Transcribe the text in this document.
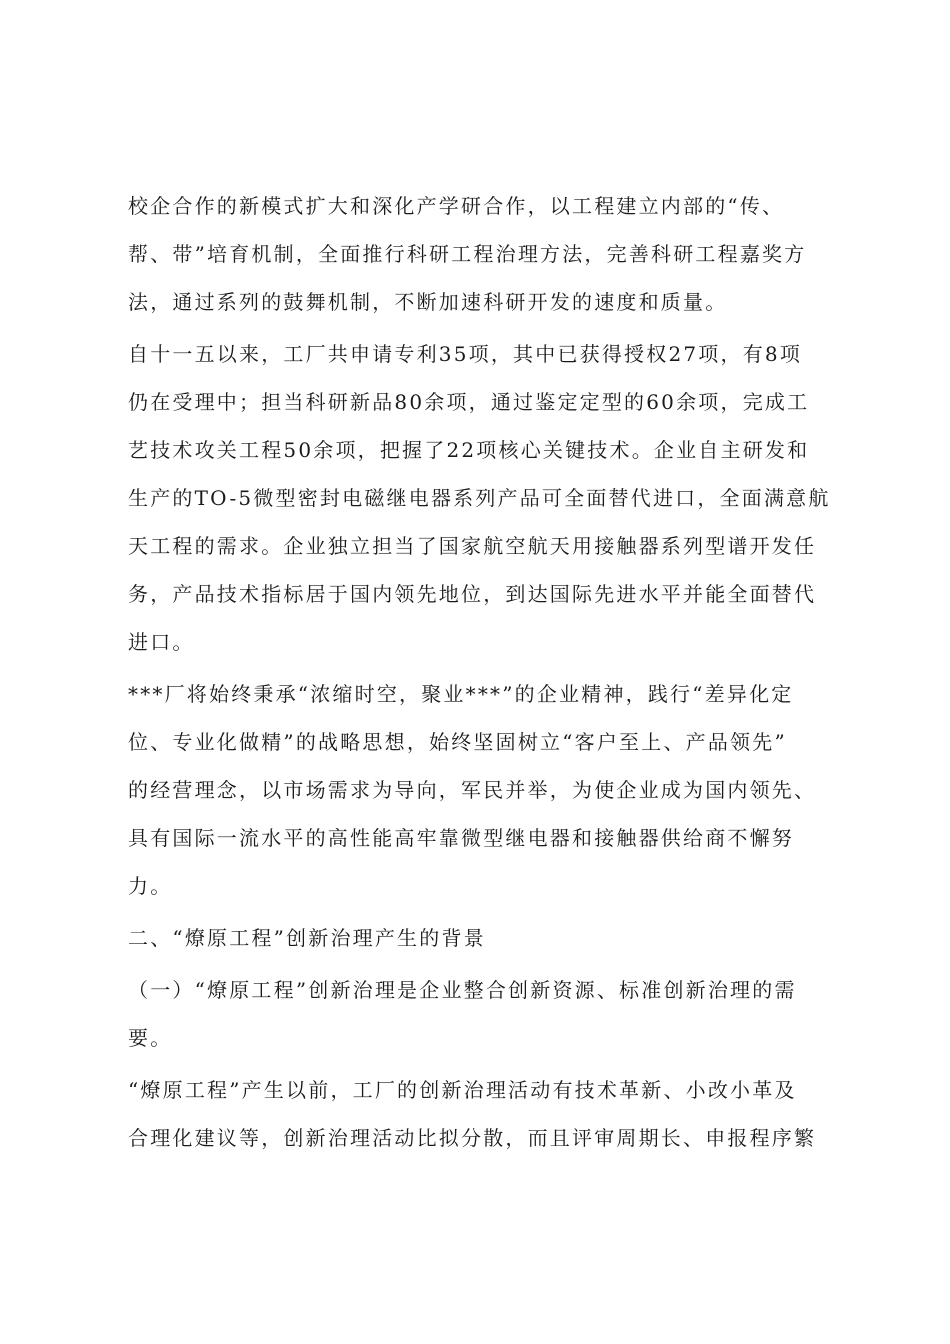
校企合作的新模式扩大和深化产学研合作，以工程建立内部的“传、
帮、带”培育机制，全面推行科研工程治理方法，完善科研工程嘉奖方
法，通过系列的鼓舞机制，不断加速科研开发的速度和质量。
自十一五以来，工厂共申请专利35项，其中已获得授权27项，有8项
仍在受理中；担当科研新品80余项，通过鉴定定型的60余项，完成工
艺技术攻关工程50余项，把握了22项核心关键技术。企业自主研发和
生产的TO-5微型密封电磁继电器系列产品可全面替代进口，全面满意航
天工程的需求。企业独立担当了国家航空航天用接触器系列型谱开发任
务，产品技术指标居于国内领先地位，到达国际先进水平并能全面替代
进口。
***厂将始终秉承“浓缩时空，聚业***”的企业精神，践行“差异化定
位、专业化做精”的战略思想，始终坚固树立“客户至上、产品领先”
的经营理念，以市场需求为导向，军民并举，为使企业成为国内领先、
具有国际一流水平的高性能高牢靠微型继电器和接触器供给商不懈努
力。
二、“燎原工程”创新治理产生的背景
（一）“燎原工程”创新治理是企业整合创新资源、标准创新治理的需
要。
“燎原工程”产生以前，工厂的创新治理活动有技术革新、小改小革及
合理化建议等，创新治理活动比拟分散，而且评审周期长、申报程序繁
